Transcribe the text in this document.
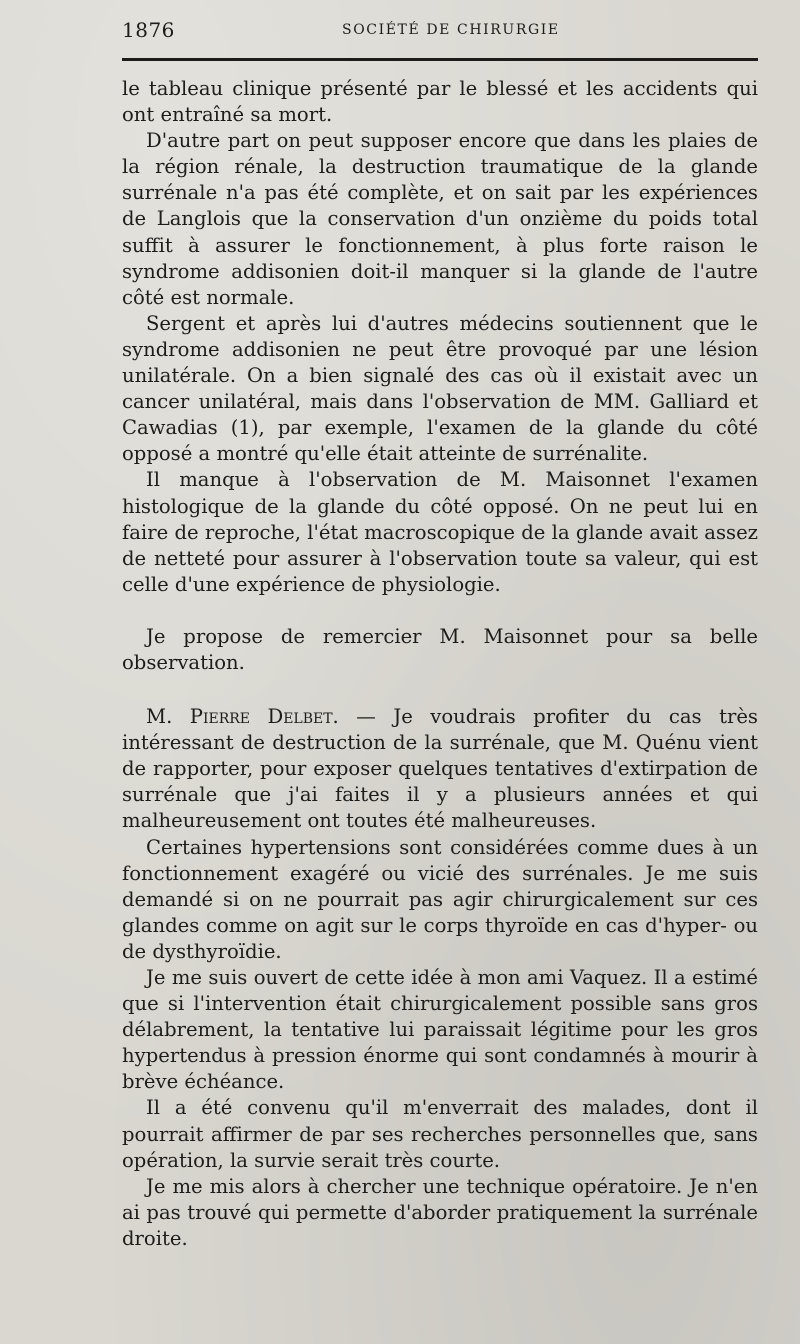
1876	SOCIÉTÉ DE CHIRURGIE

le tableau clinique présenté par le blessé et les accidents qui ont entraîné sa mort.

D'autre part on peut supposer encore que dans les plaies de la région rénale, la destruction traumatique de la glande surrénale n'a pas été complète, et on sait par les expériences de Langlois que la conservation d'un onzième du poids total suffit à assurer le fonctionnement, à plus forte raison le syndrome addisonien doit-il manquer si la glande de l'autre côté est normale.

Sergent et après lui d'autres médecins soutiennent que le syndrome addisonien ne peut être provoqué par une lésion unilatérale. On a bien signalé des cas où il existait avec un cancer unilatéral, mais dans l'observation de MM. Galliard et Cawadias (1), par exemple, l'examen de la glande du côté opposé a montré qu'elle était atteinte de surrénalite.

Il manque à l'observation de M. Maisonnet l'examen histologique de la glande du côté opposé. On ne peut lui en faire de reproche, l'état macroscopique de la glande avait assez de netteté pour assurer à l'observation toute sa valeur, qui est celle d'une expérience de physiologie.

Je propose de remercier M. Maisonnet pour sa belle observation.

M. Pierre Delbet. — Je voudrais profiter du cas très intéressant de destruction de la surrénale, que M. Quénu vient de rapporter, pour exposer quelques tentatives d'extirpation de surrénale que j'ai faites il y a plusieurs années et qui malheureusement ont toutes été malheureuses.

Certaines hypertensions sont considérées comme dues à un fonctionnement exagéré ou vicié des surrénales. Je me suis demandé si on ne pourrait pas agir chirurgicalement sur ces glandes comme on agit sur le corps thyroïde en cas d'hyper- ou de dysthyroïdie.

Je me suis ouvert de cette idée à mon ami Vaquez. Il a estimé que si l'intervention était chirurgicalement possible sans gros délabrement, la tentative lui paraissait légitime pour les gros hypertendus à pression énorme qui sont condamnés à mourir à brève échéance.

Il a été convenu qu'il m'enverrait des malades, dont il pourrait affirmer de par ses recherches personnelles que, sans opération, la survie serait très courte.

Je me mis alors à chercher une technique opératoire. Je n'en ai pas trouvé qui permette d'aborder pratiquement la surrénale droite.
